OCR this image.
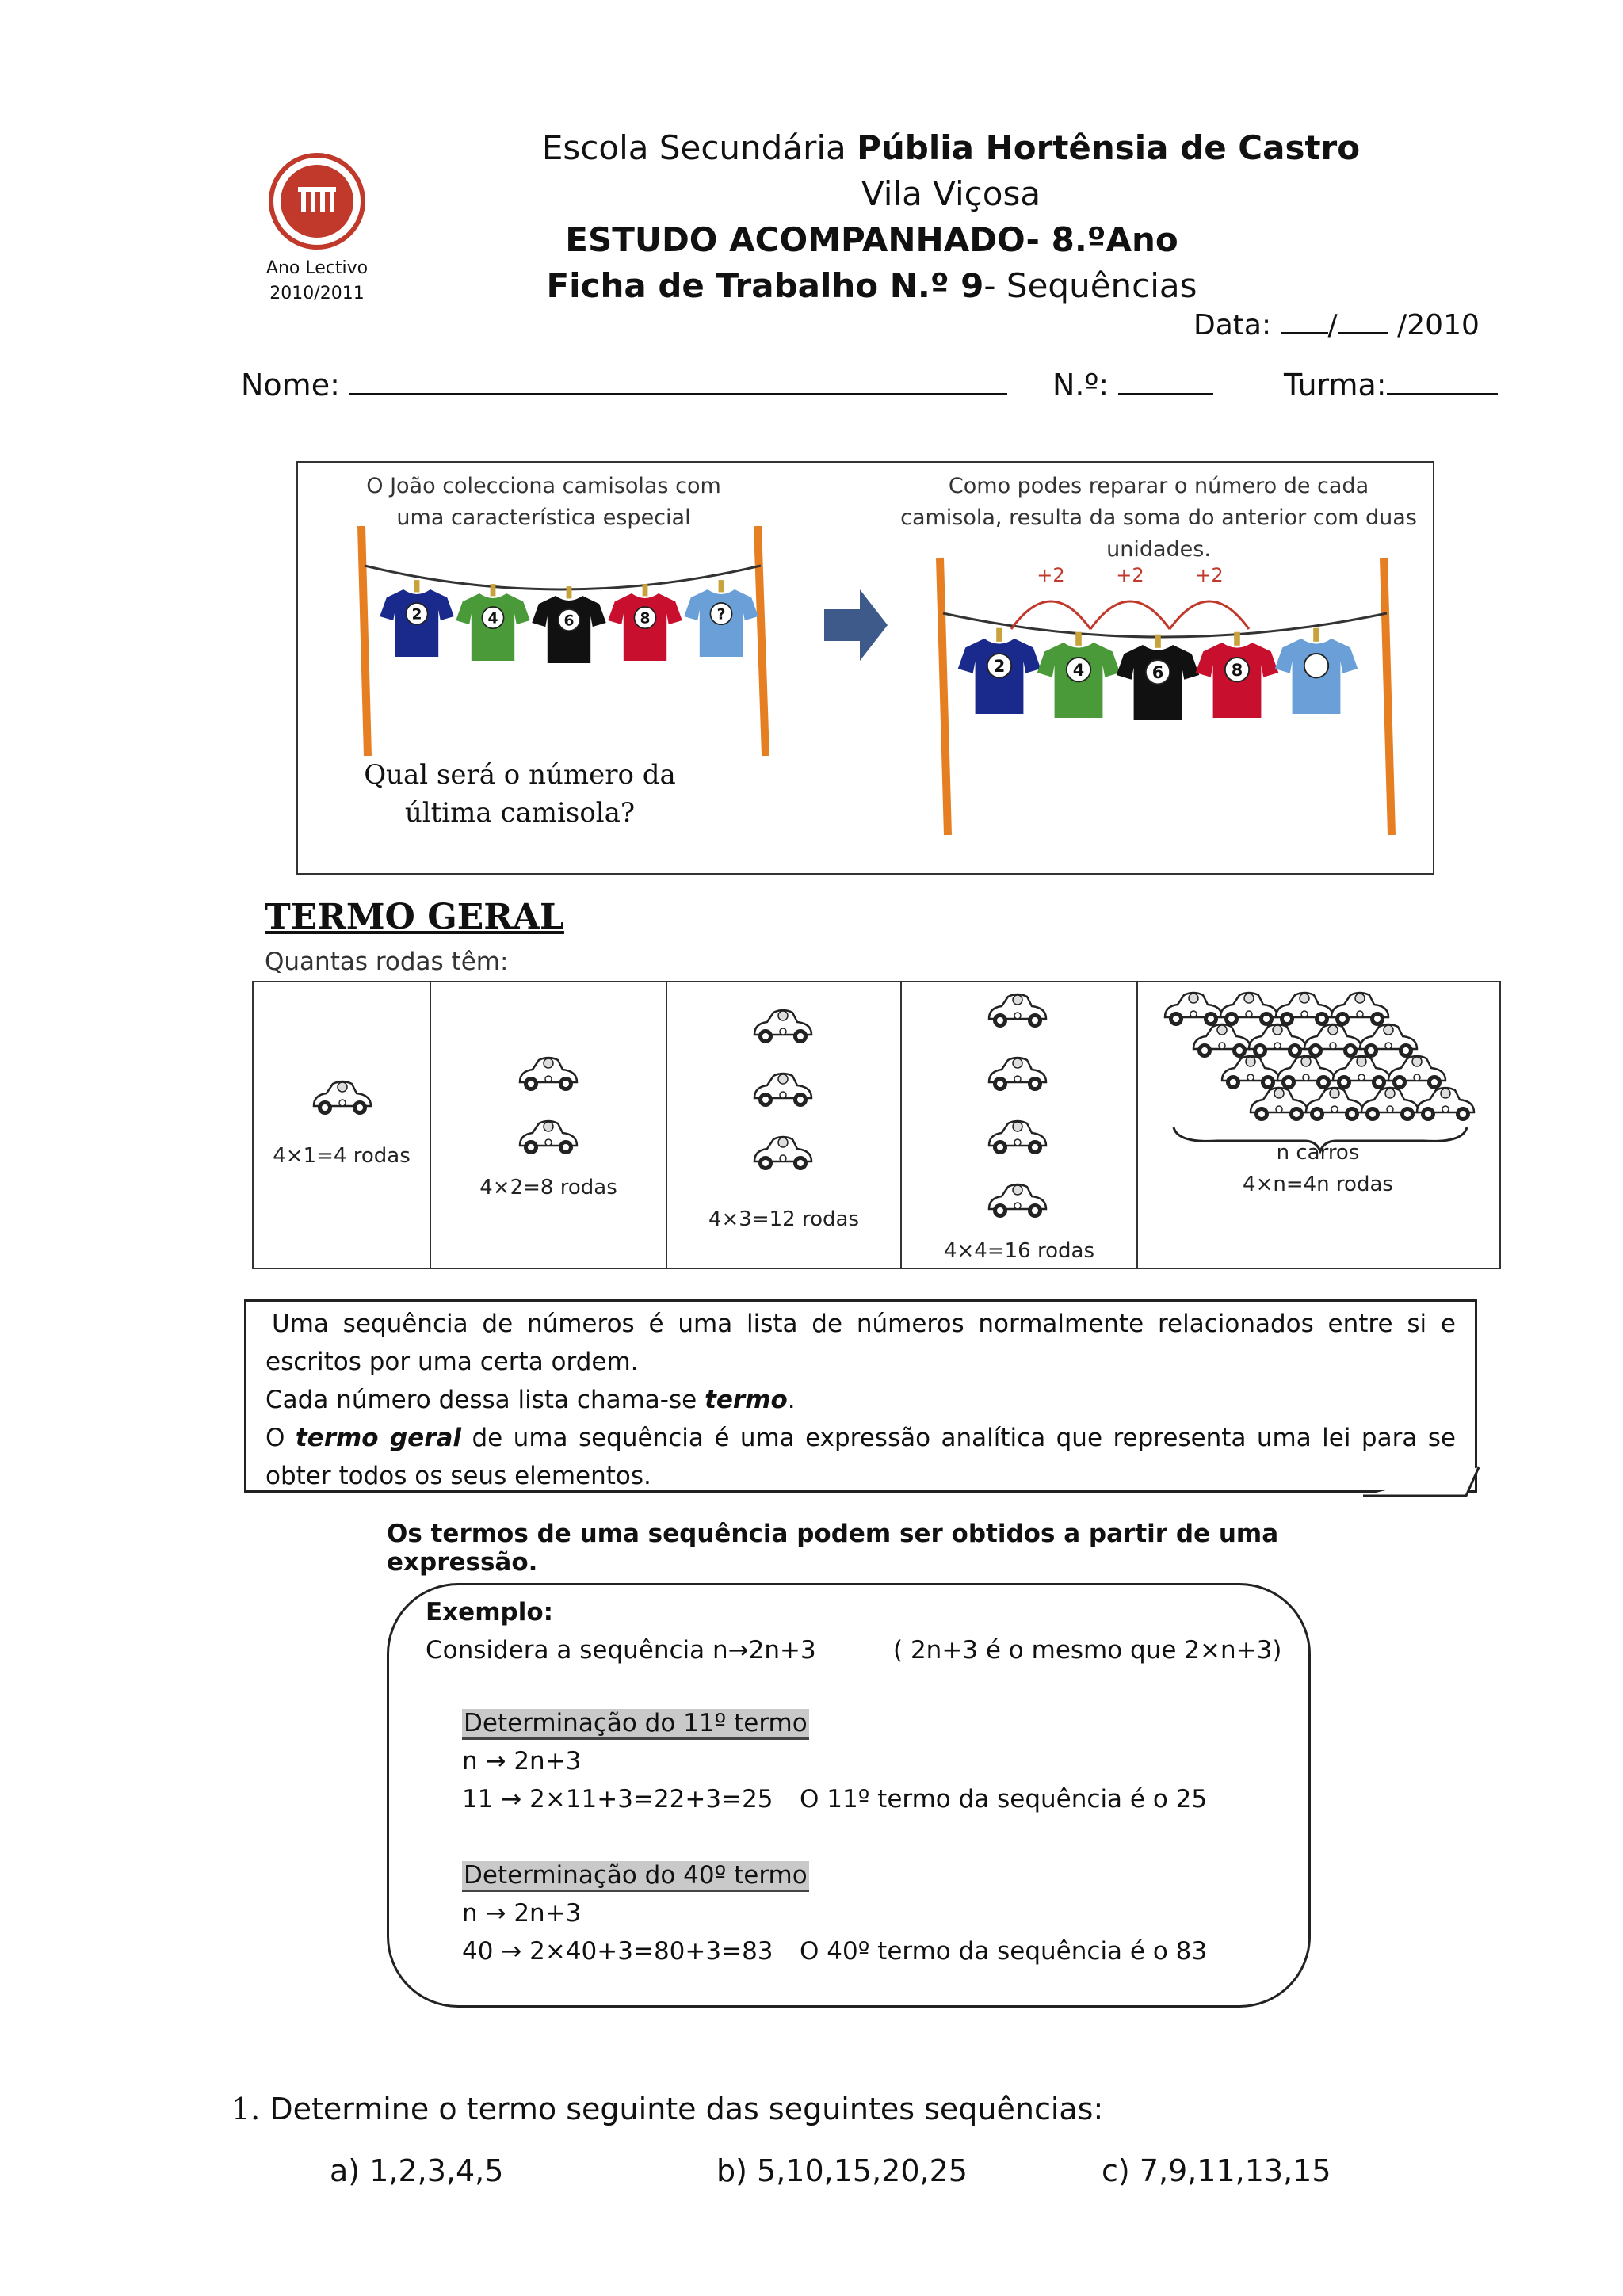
Ano Lectivo
2010/2011
Escola Secundária Públia Hortênsia de Castro
Vila Viçosa
ESTUDO ACOMPANHADO- 8.ºAno
Ficha de Trabalho N.º 9- Sequências
Data: / /2010
Nome:	N.º:	Turma:
O João colecciona camisolas com uma característica especial
Como podes reparar o número de cada camisola, resulta da soma do anterior com duas unidades.
2	4	6	8	?
Qual será o número da última camisola?
+2	+2	+2
2	4	6	8
TERMO GERAL
Quantas rodas têm:
4×1=4 rodas
4×2=8 rodas
4×3=12 rodas
4×4=16 rodas
n carros
4×n=4n rodas
Uma sequência de números é uma lista de números normalmente relacionados entre si e escritos por uma certa ordem.
Cada número dessa lista chama-se termo.
O termo geral de uma sequência é uma expressão analítica que representa uma lei para se obter todos os seus elementos.
Os termos de uma sequência podem ser obtidos a partir de uma expressão.
Exemplo:
Considera a sequência n→2n+3	( 2n+3 é o mesmo que 2×n+3)
Determinação do 11º termo
n → 2n+3
11 → 2×11+3=22+3=25 O 11º termo da sequência é o 25
Determinação do 40º termo
n → 2n+3
40 → 2×40+3=80+3=83 O 40º termo da sequência é o 83
1. Determine o termo seguinte das seguintes sequências:
a) 1,2,3,4,5	b) 5,10,15,20,25	c) 7,9,11,13,15
